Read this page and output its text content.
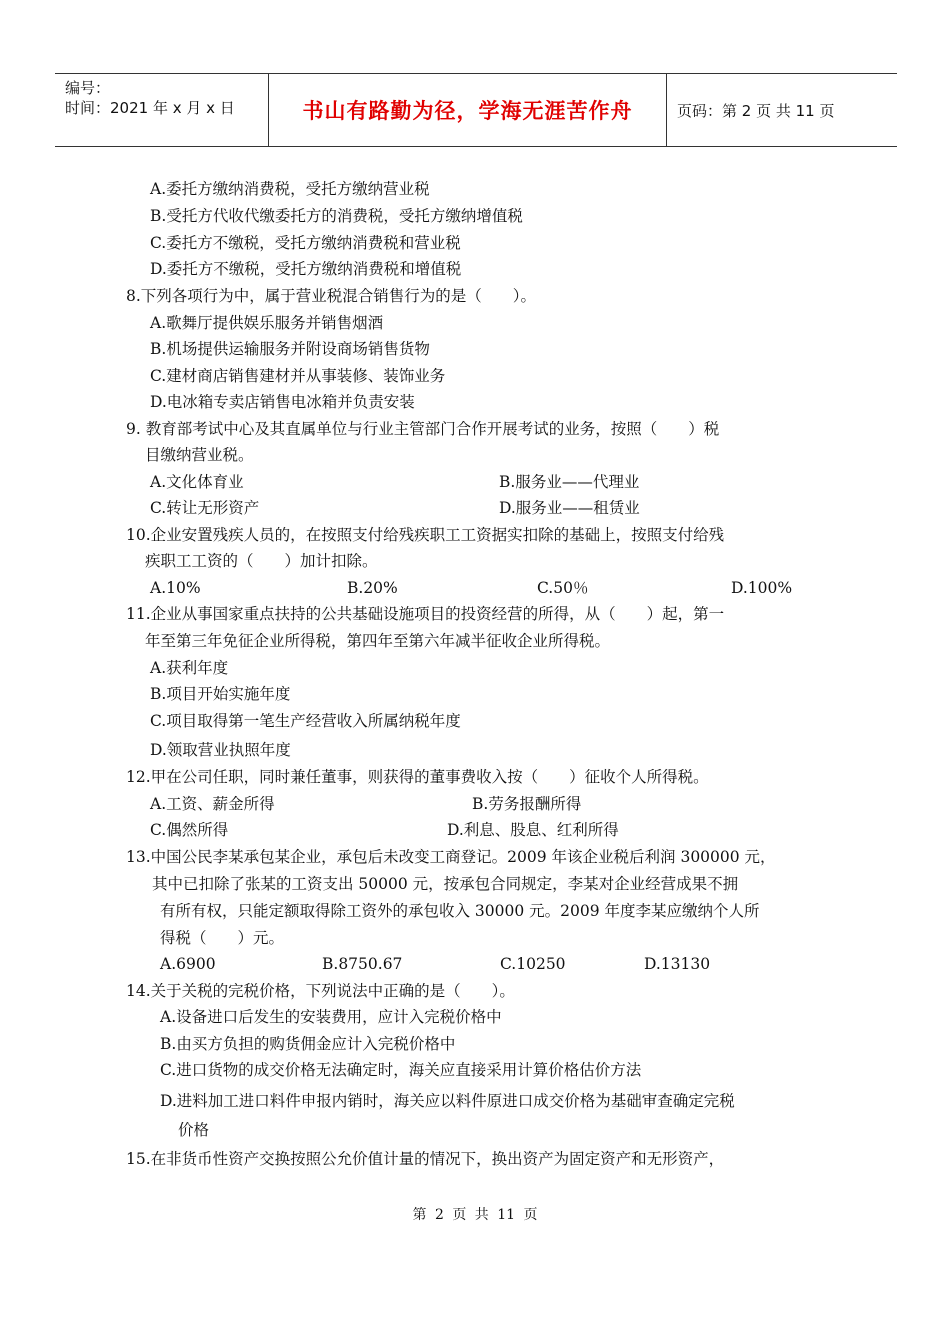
编号：
时间：2021 年 x 月 x 日	书山有路勤为径，学海无涯苦作舟	页码：第 2 页 共 11 页
A.委托方缴纳消费税，受托方缴纳营业税
B.受托方代收代缴委托方的消费税，受托方缴纳增值税
C.委托方不缴税，受托方缴纳消费税和营业税
D.委托方不缴税，受托方缴纳消费税和增值税
8.下列各项行为中，属于营业税混合销售行为的是（　　）。
A.歌舞厅提供娱乐服务并销售烟酒
B.机场提供运输服务并附设商场销售货物
C.建材商店销售建材并从事装修、装饰业务
D.电冰箱专卖店销售电冰箱并负责安装
9. 教育部考试中心及其直属单位与行业主管部门合作开展考试的业务，按照（　　）税
目缴纳营业税。
A.文化体育业	B.服务业——代理业
C.转让无形资产	D.服务业——租赁业
10.企业安置残疾人员的，在按照支付给残疾职工工资据实扣除的基础上，按照支付给残
疾职工工资的（　　）加计扣除。
A.10%	B.20%	C.50％	D.100%
11.企业从事国家重点扶持的公共基础设施项目的投资经营的所得，从（　　）起，第一
年至第三年免征企业所得税，第四年至第六年减半征收企业所得税。
A.获利年度
B.项目开始实施年度
C.项目取得第一笔生产经营收入所属纳税年度
D.领取营业执照年度
12.甲在公司任职，同时兼任董事，则获得的董事费收入按（　　）征收个人所得税。
A.工资、薪金所得	B.劳务报酬所得
C.偶然所得	D.利息、股息、红利所得
13.中国公民李某承包某企业，承包后未改变工商登记。2009 年该企业税后利润 300000 元，
其中已扣除了张某的工资支出 50000 元，按承包合同规定，李某对企业经营成果不拥
有所有权，只能定额取得除工资外的承包收入 30000 元。2009 年度李某应缴纳个人所
得税（　　）元。
A.6900	B.8750.67	C.10250	D.13130
14.关于关税的完税价格，下列说法中正确的是（　　）。
A.设备进口后发生的安装费用，应计入完税价格中
B.由买方负担的购货佣金应计入完税价格中
C.进口货物的成交价格无法确定时，海关应直接采用计算价格估价方法
D.进料加工进口料件申报内销时，海关应以料件原进口成交价格为基础审查确定完税
价格
15.在非货币性资产交换按照公允价值计量的情况下，换出资产为固定资产和无形资产，
第 2 页 共 11 页
